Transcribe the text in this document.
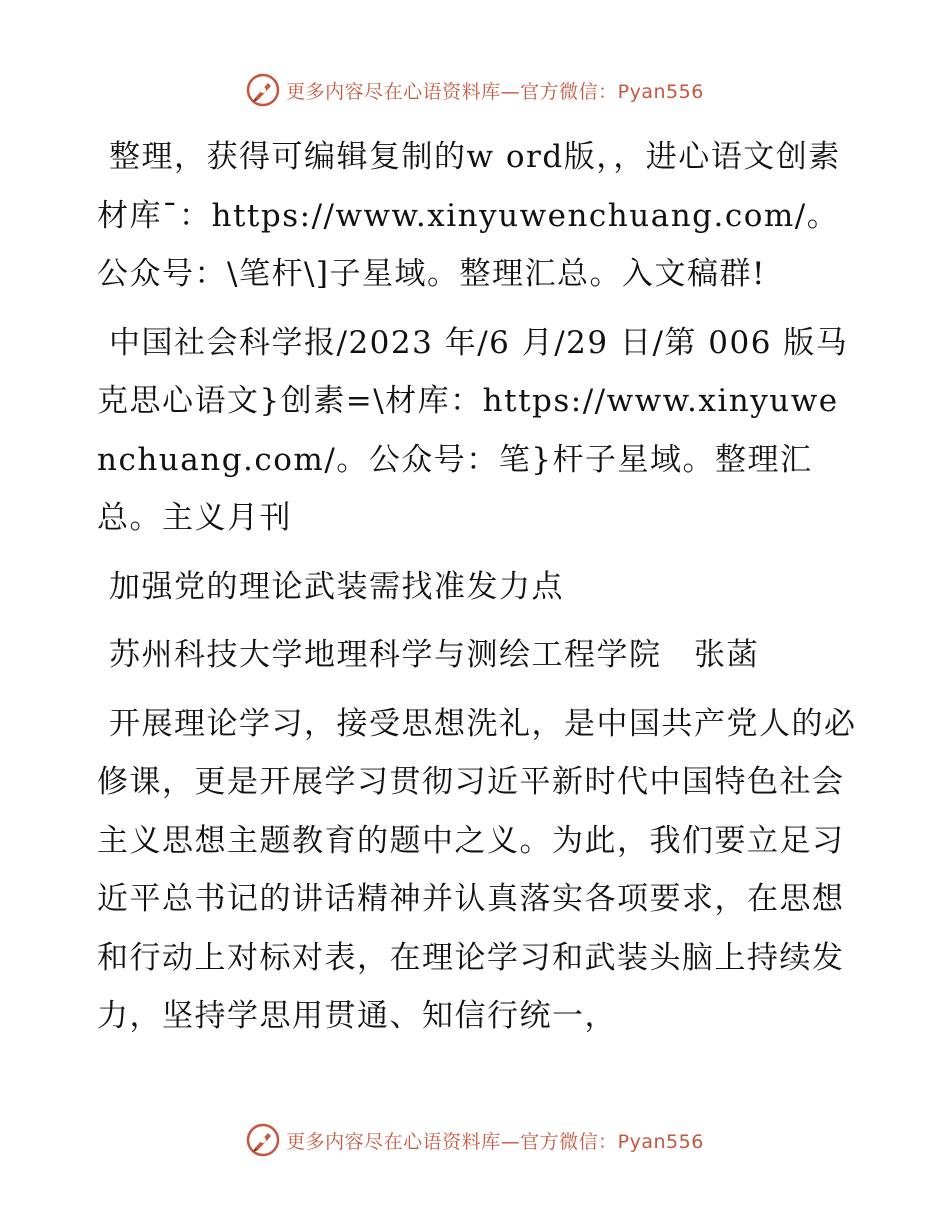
更多内容尽在心语资料库—官方微信：Pyan556

整理，获得可编辑复制的w ord版，，进心语文创素材库¯：https://www.xinyuwenchuang.com/。公众号：\笔杆\]子星域。整理汇总。入文稿群!

中国社会科学报/2023 年/6 月/29 日/第 006 版马克思心语文}创素=\材库：https://www.xinyuwenchuang.com/。公众号：笔}杆子星域。整理汇总。主义月刊

加强党的理论武装需找准发力点

苏州科技大学地理科学与测绘工程学院　张菡

开展理论学习，接受思想洗礼，是中国共产党人的必修课，更是开展学习贯彻习近平新时代中国特色社会主义思想主题教育的题中之义。为此，我们要立足习近平总书记的讲话精神并认真落实各项要求，在思想和行动上对标对表，在理论学习和武装头脑上持续发力，坚持学思用贯通、知信行统一，

更多内容尽在心语资料库—官方微信：Pyan556
